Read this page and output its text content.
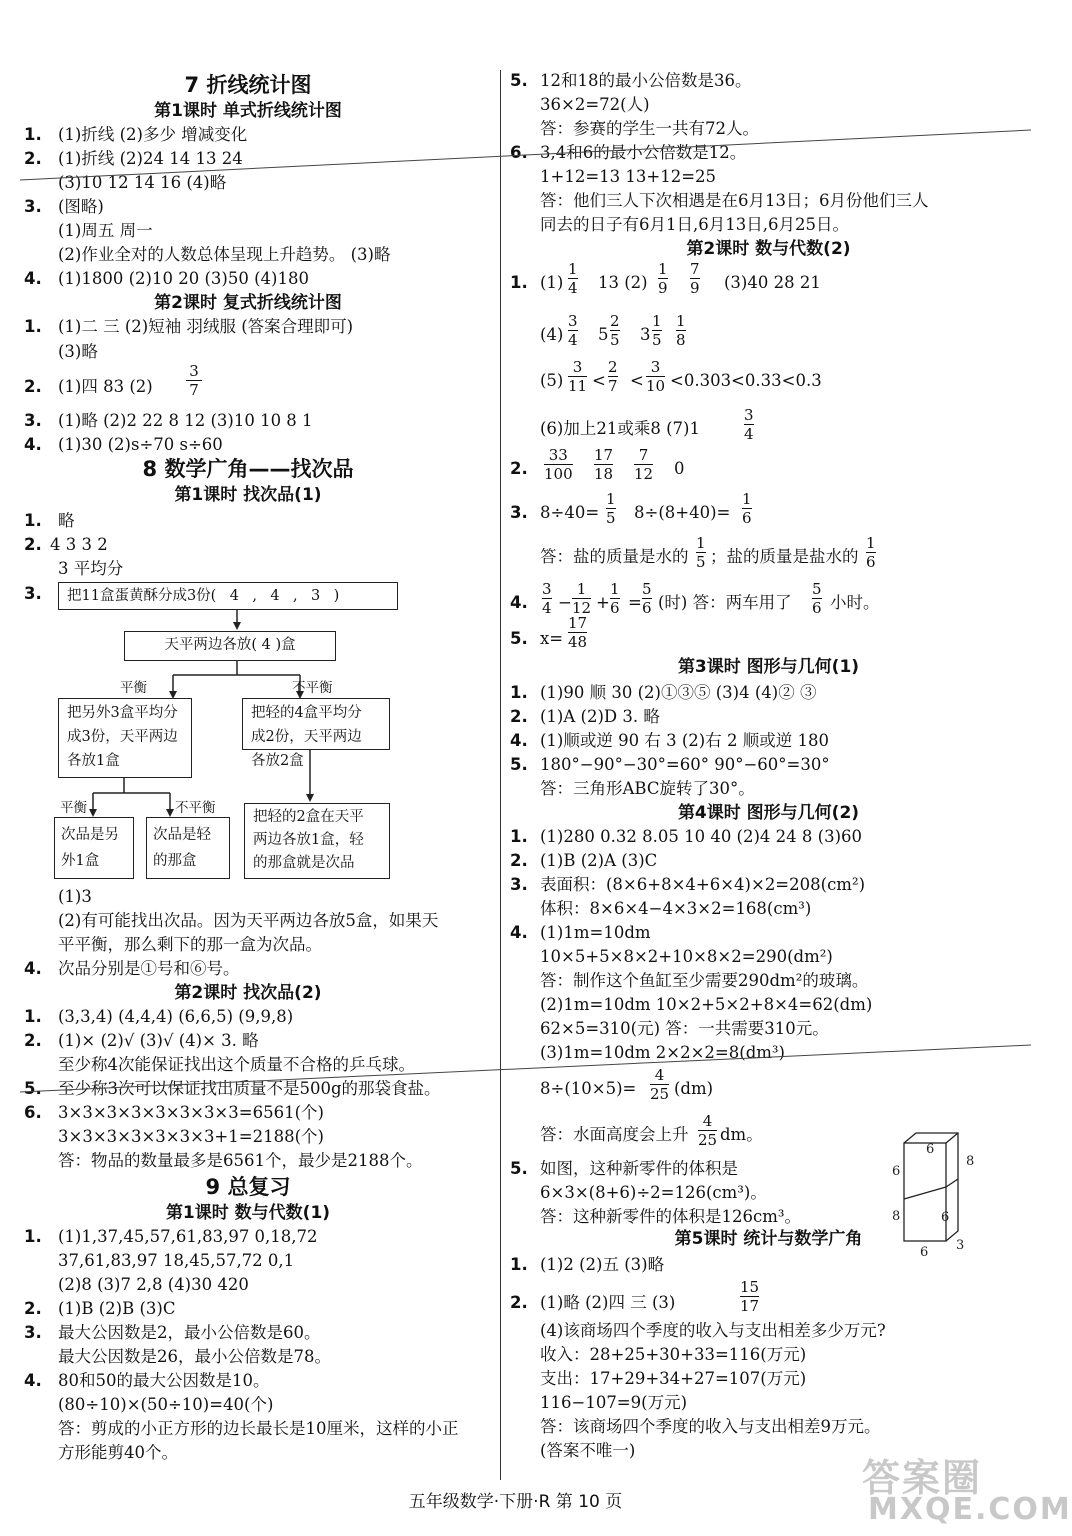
7 折线统计图
第1课时 单式折线统计图
1. (1)折线 (2)多少 增减变化
2. (1)折线 (2)24 14 13 24
(3)10 12 14 16 (4)略
3. (图略)
(1)周五 周一
(2)作业全对的人数总体呈现上升趋势。 (3)略
4. (1)1800 (2)10 20 (3)50 (4)180
第2课时 复式折线统计图
1. (1)二 三 (2)短袖 羽绒服 (答案合理即可)
(3)略
2. (1)四 83 (2)
3
7
3. (1)略 (2)2 22 8 12 (3)10 10 8 1
4. (1)30 (2)s÷70 s÷60
8 数学广角——找次品
第1课时 找次品(1)
1. 略
2. 4 3 3 2
3 平均分
3.	把11盒蛋黄酥分成3份( 4 , 4 , 3 )
天平两边各放( 4 )盒
平衡	不平衡
把另外3盒平均分
成3份，天平两边
各放1盒
把轻的4盒平均分
成2份，天平两边
各放2盒
平衡	不平衡
次品是另
外1盒
次品是轻
的那盒
把轻的2盒在天平
两边各放1盒，轻
的那盒就是次品
(1)3
(2)有可能找出次品。因为天平两边各放5盒，如果天
平平衡，那么剩下的那一盒为次品。
4. 次品分别是①号和⑥号。
第2课时 找次品(2)
1. (3,3,4) (4,4,4) (6,6,5) (9,9,8)
2. (1)× (2)√ (3)√ (4)× 3. 略
至少称4次能保证找出这个质量不合格的乒乓球。
5. 至少称3次可以保证找出质量不是500g的那袋食盐。
6. 3×3×3×3×3×3×3×3=6561(个)
3×3×3×3×3×3×3+1=2188(个)
答：物品的数量最多是6561个，最少是2188个。
9 总复习
第1课时 数与代数(1)
1. (1)1,37,45,57,61,83,97 0,18,72
37,61,83,97 18,45,57,72 0,1
(2)8 (3)7 2,8 (4)30 420
2. (1)B (2)B (3)C
3. 最大公因数是2，最小公倍数是60。
最大公因数是26，最小公倍数是78。
4. 80和50的最大公因数是10。
(80÷10)×(50÷10)=40(个)
答：剪成的小正方形的边长最长是10厘米，这样的小正
方形能剪40个。
5. 12和18的最小公倍数是36。
36×2=72(人)
答：参赛的学生一共有72人。
6. 3,4和6的最小公倍数是12。
1+12=13 13+12=25
答：他们三人下次相遇是在6月13日；6月份他们三人
同去的日子有6月1日,6月13日,6月25日。
第2课时 数与代数(2)
1. $(1) \frac{1}{4} 13$ $(2) \frac{1}{9} \frac{7}{9} (3)40$ 28 21
$(4) \frac{3}{4} 5 \frac{2}{5} 3 \frac{1}{5} \frac{1}{8}$
$(5) \frac{3}{11} < \frac{2}{7} < \frac{3}{10} <0.303<0.33<0.3$
(6)加上21或乘8 (7)1	$\frac{3}{4}$
2. $\frac{33}{100} \frac{17}{18} \frac{7}{12} 0$
3. $8\div 40= \frac{1}{5} 8\div(8+40)= \frac{1}{6}$
答：盐的质量是水的 $\frac{1}{5}$ ；盐的质量是盐水的 $\frac{1}{6}$
4. $\frac{3}{4} - \frac{1}{12} + \frac{1}{6} = \frac{5}{6}$ (时) 答：两车用了 $\frac{5}{6}$ 小时。
5. $x= \frac{17}{48}$
第3课时 图形与几何(1)
1. (1)90 顺 30 (2)①③⑤ (3)4 (4)② ③
2. (1)A (2)D 3. 略
4. (1)顺或逆 90 右 3 (2)右 2 顺或逆 180
5. 180°−90°−30°=60° 90°−60°=30°
答：三角形ABC旋转了30°。
第4课时 图形与几何(2)
1. (1)280 0.32 8.05 10 40 (2)4 24 8 (3)60
2. (1)B (2)A (3)C
3. 表面积：(8×6+8×4+6×4)×2=208(cm²)
体积：8×6×4−4×3×2=168(cm³)
4. (1)1m=10dm
10×5+5×8×2+10×8×2=290(dm²)
答：制作这个鱼缸至少需要290dm²的玻璃。
(2)1m=10dm 10×2+5×2+8×4=62(dm)
62×5=310(元) 答：一共需要310元。
(3)1m=10dm 2×2×2=8(dm³)
$8\div(10\times 5)= \frac{4}{25} (dm)$
答：水面高度会上升 $\frac{4}{25}$ dm。
5. 如图，这种新零件的体积是
6×3×(8+6)÷2=126(cm³)。
答：这种新零件的体积是126cm³。
6
8
6
8	6
6 3
第5课时 统计与数学广角
1. (1)2 (2)五 (3)略
2. (1)略 (2)四 三 (3)	$\frac{15}{17}$
(4)该商场四个季度的收入与支出相差多少万元?
收入：28+25+30+33=116(万元)
支出：17+29+34+27=107(万元)
116−107=9(万元)
答：该商场四个季度的收入与支出相差9万元。
(答案不唯一)
五年级数学·下册·R 第 10 页
答案圈
MXQE.COM
